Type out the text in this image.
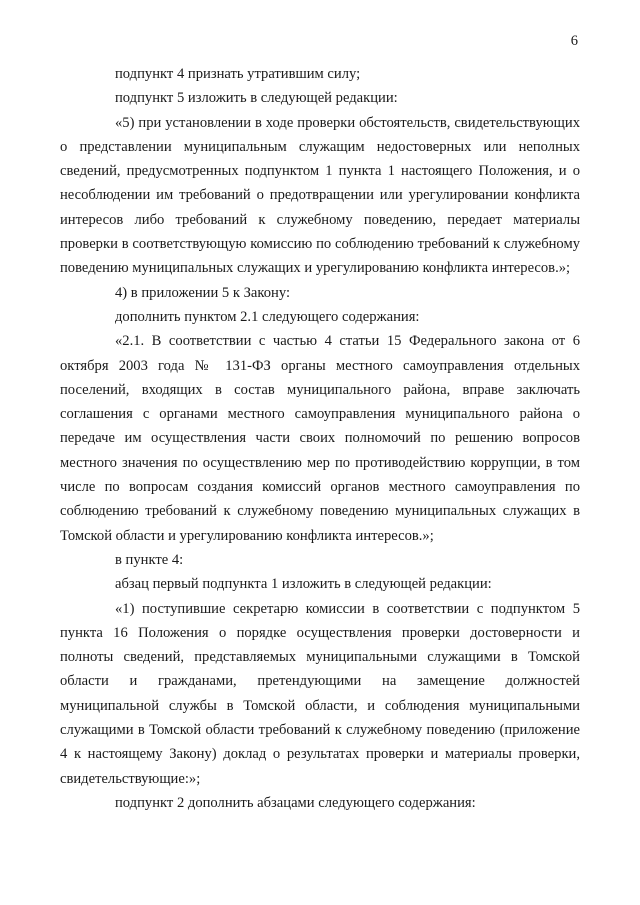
6

подпункт 4 признать утратившим силу;

подпункт 5 изложить в следующей редакции:

«5) при установлении в ходе проверки обстоятельств, свидетельствующих о представлении муниципальным служащим недостоверных или неполных сведений, предусмотренных подпунктом 1 пункта 1 настоящего Положения, и о несоблюдении им требований о предотвращении или урегулировании конфликта интересов либо требований к служебному поведению, передает материалы проверки в соответствующую комиссию по соблюдению требований к служебному поведению муниципальных служащих и урегулированию конфликта интересов.»;

4) в приложении 5 к Закону:

дополнить пунктом 2.1 следующего содержания:

«2.1. В соответствии с частью 4 статьи 15 Федерального закона от 6 октября 2003 года № 131-ФЗ органы местного самоуправления отдельных поселений, входящих в состав муниципального района, вправе заключать соглашения с органами местного самоуправления муниципального района о передаче им осуществления части своих полномочий по решению вопросов местного значения по осуществлению мер по противодействию коррупции, в том числе по вопросам создания комиссий органов местного самоуправления по соблюдению требований к служебному поведению муниципальных служащих в Томской области и урегулированию конфликта интересов.»;

в пункте 4:

абзац первый подпункта 1 изложить в следующей редакции:

«1) поступившие секретарю комиссии в соответствии с подпунктом 5 пункта 16 Положения о порядке осуществления проверки достоверности и полноты сведений, представляемых муниципальными служащими в Томской области и гражданами, претендующими на замещение должностей муниципальной службы в Томской области, и соблюдения муниципальными служащими в Томской области требований к служебному поведению (приложение 4 к настоящему Закону) доклад о результатах проверки и материалы проверки, свидетельствующие:»;

подпункт 2 дополнить абзацами следующего содержания:
